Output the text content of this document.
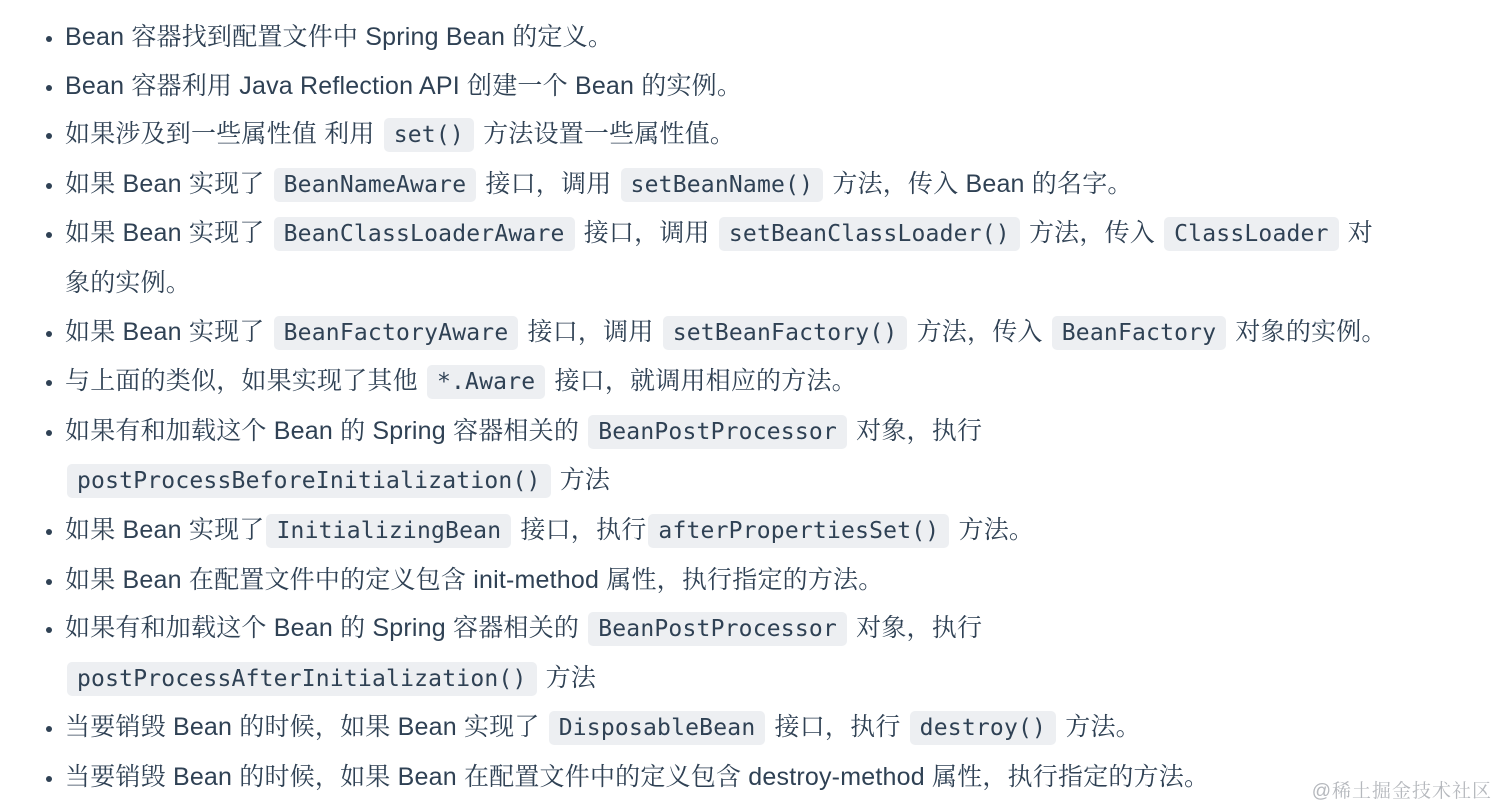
• Bean 容器找到配置文件中 Spring Bean 的定义。
• Bean 容器利用 Java Reflection API 创建一个 Bean 的实例。
• 如果涉及到一些属性值 利用 set() 方法设置一些属性值。
• 如果 Bean 实现了 BeanNameAware 接口，调用 setBeanName() 方法，传入 Bean 的名字。
• 如果 Bean 实现了 BeanClassLoaderAware 接口，调用 setBeanClassLoader() 方法，传入 ClassLoader 对象的实例。
• 如果 Bean 实现了 BeanFactoryAware 接口，调用 setBeanFactory() 方法，传入 BeanFactory 对象的实例。
• 与上面的类似，如果实现了其他 *.Aware 接口，就调用相应的方法。
• 如果有和加载这个 Bean 的 Spring 容器相关的 BeanPostProcessor 对象，执行 postProcessBeforeInitialization() 方法
• 如果 Bean 实现了 InitializingBean 接口，执行 afterPropertiesSet() 方法。
• 如果 Bean 在配置文件中的定义包含 init-method 属性，执行指定的方法。
• 如果有和加载这个 Bean 的 Spring 容器相关的 BeanPostProcessor 对象，执行 postProcessAfterInitialization() 方法
• 当要销毁 Bean 的时候，如果 Bean 实现了 DisposableBean 接口，执行 destroy() 方法。
• 当要销毁 Bean 的时候，如果 Bean 在配置文件中的定义包含 destroy-method 属性，执行指定的方法。
@稀土掘金技术社区
